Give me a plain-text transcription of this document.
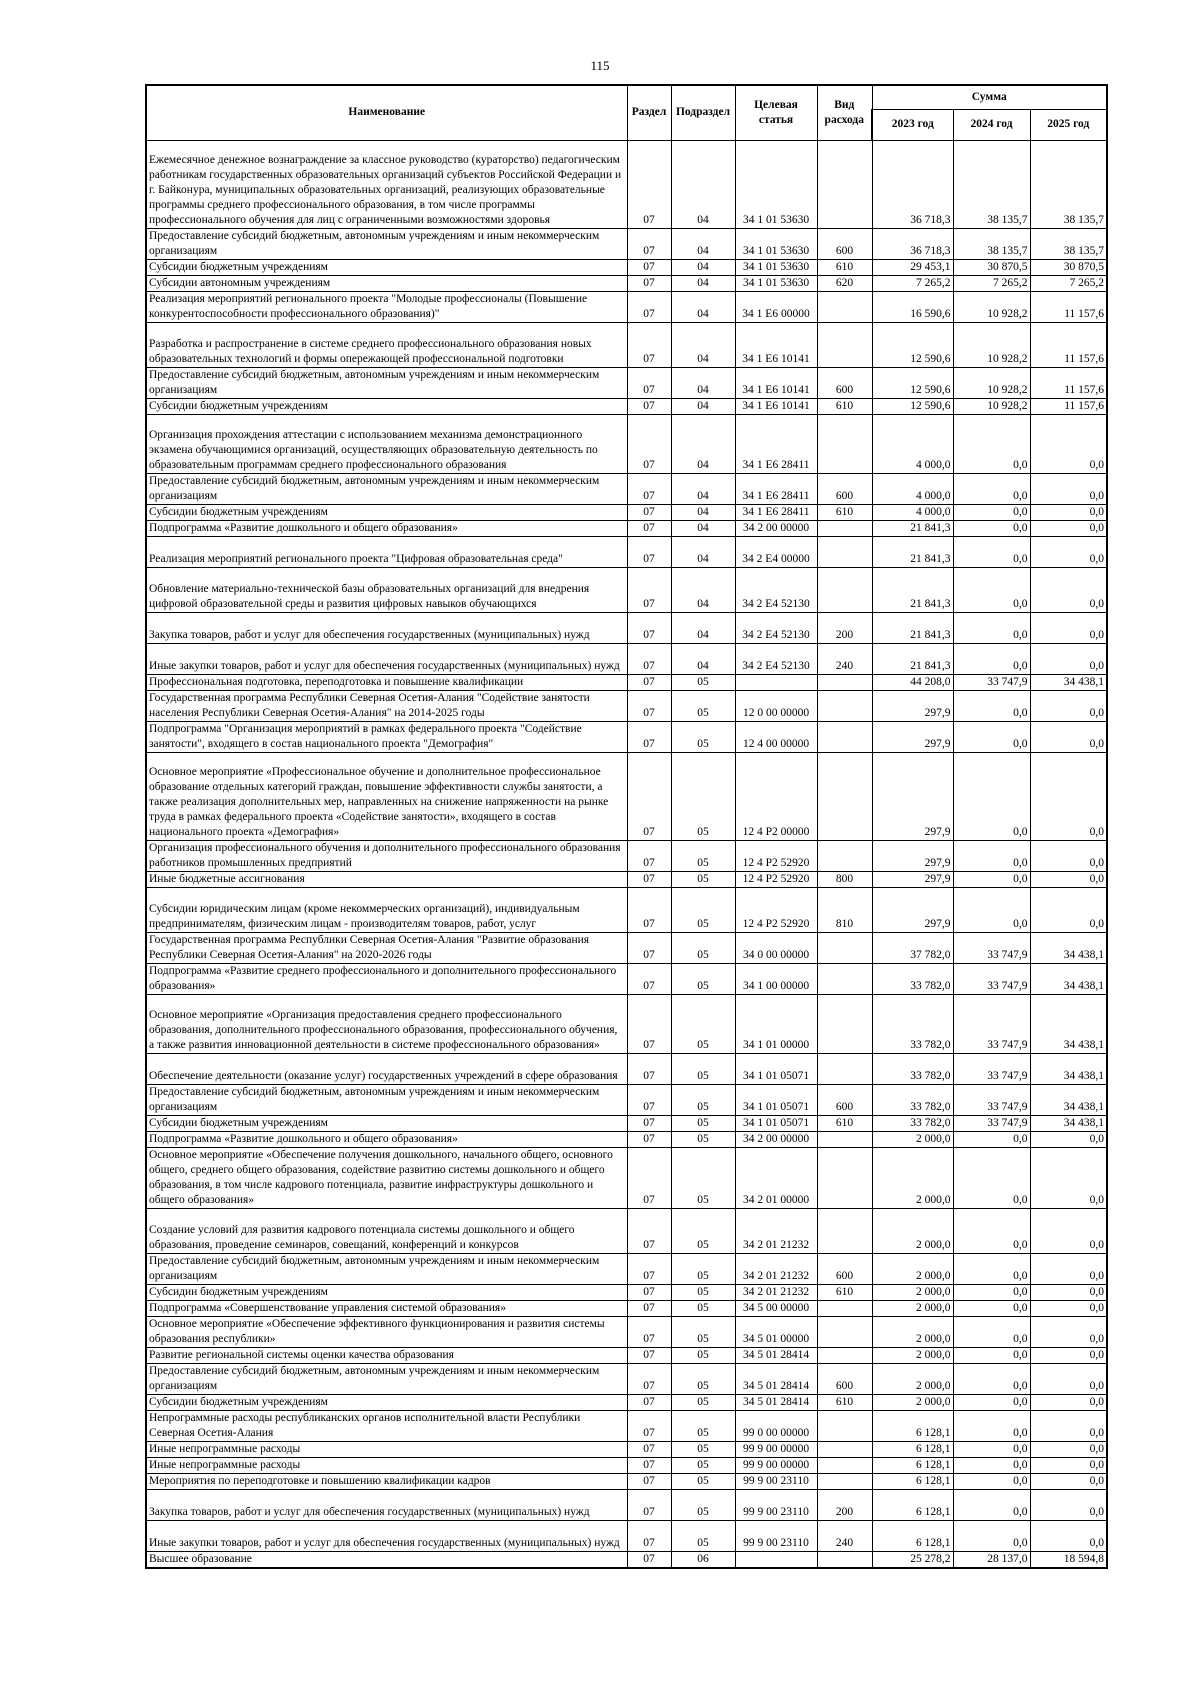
115
Наименование	Раздел	Подраздел	Целевая статья	Вид расхода	Сумма		
					2023 год	2024 год	2025 год
Ежемесячное денежное вознаграждение за классное руководство (кураторство) педагогическим работникам государственных образовательных организаций субъектов Российской Федерации и г. Байконура, муниципальных образовательных организаций, реализующих образовательные программы среднего профессионального образования, в том числе программы профессионального обучения для лиц с ограниченными возможностями здоровья	07	04	34 1 01 53630		36 718,3	38 135,7	38 135,7
Предоставление субсидий бюджетным, автономным учреждениям и иным некоммерческим организациям	07	04	34 1 01 53630	600	36 718,3	38 135,7	38 135,7
Субсидии бюджетным учреждениям	07	04	34 1 01 53630	610	29 453,1	30 870,5	30 870,5
Субсидии автономным учреждениям	07	04	34 1 01 53630	620	7 265,2	7 265,2	7 265,2
Реализация мероприятий регионального проекта "Молодые профессионалы (Повышение конкурентоспособности профессионального образования)"	07	04	34 1 Е6 00000		16 590,6	10 928,2	11 157,6
Разработка и распространение в системе среднего профессионального образования новых образовательных технологий и формы опережающей профессиональной подготовки	07	04	34 1 Е6 10141		12 590,6	10 928,2	11 157,6
Предоставление субсидий бюджетным, автономным учреждениям и иным некоммерческим организациям	07	04	34 1 Е6 10141	600	12 590,6	10 928,2	11 157,6
Субсидии бюджетным учреждениям	07	04	34 1 Е6 10141	610	12 590,6	10 928,2	11 157,6
Организация прохождения аттестации с использованием механизма демонстрационного экзамена обучающимися организаций, осуществляющих образовательную деятельность по образовательным программам среднего профессионального образования	07	04	34 1 Е6 28411		4 000,0	0,0	0,0
Предоставление субсидий бюджетным, автономным учреждениям и иным некоммерческим организациям	07	04	34 1 Е6 28411	600	4 000,0	0,0	0,0
Субсидии бюджетным учреждениям	07	04	34 1 Е6 28411	610	4 000,0	0,0	0,0
Подпрограмма «Развитие дошкольного и общего образования»	07	04	34 2 00 00000		21 841,3	0,0	0,0
Реализация мероприятий регионального проекта "Цифровая образовательная среда"	07	04	34 2 Е4 00000		21 841,3	0,0	0,0
Обновление материально-технической базы образовательных организаций для внедрения цифровой образовательной среды и развития цифровых навыков обучающихся	07	04	34 2 Е4 52130		21 841,3	0,0	0,0
Закупка товаров, работ и услуг для обеспечения государственных (муниципальных) нужд	07	04	34 2 Е4 52130	200	21 841,3	0,0	0,0
Иные закупки товаров, работ и услуг для обеспечения государственных (муниципальных) нужд	07	04	34 2 Е4 52130	240	21 841,3	0,0	0,0
Профессиональная подготовка, переподготовка и повышение квалификации	07	05			44 208,0	33 747,9	34 438,1
Государственная программа Республики Северная Осетия-Алания "Содействие занятости населения Республики Северная Осетия-Алания" на 2014-2025 годы	07	05	12 0 00 00000		297,9	0,0	0,0
Подпрограмма "Организация мероприятий в рамках федерального проекта "Содействие занятости", входящего в состав национального проекта "Демография"	07	05	12 4 00 00000		297,9	0,0	0,0
Основное мероприятие «Профессиональное обучение и дополнительное профессиональное образование отдельных категорий граждан, повышение эффективности службы занятости, а также реализация дополнительных мер, направленных на снижение напряженности на рынке труда в рамках федерального проекта «Содействие занятости», входящего в состав национального проекта «Демография»	07	05	12 4 P2 00000		297,9	0,0	0,0
Организация профессионального обучения и дополнительного профессионального образования работников промышленных предприятий	07	05	12 4 P2 52920		297,9	0,0	0,0
Иные бюджетные ассигнования	07	05	12 4 P2 52920	800	297,9	0,0	0,0
Субсидии юридическим лицам (кроме некоммерческих организаций), индивидуальным предпринимателям, физическим лицам - производителям товаров, работ, услуг	07	05	12 4 P2 52920	810	297,9	0,0	0,0
Государственная программа Республики Северная Осетия-Алания "Развитие образования Республики Северная Осетия-Алания" на 2020-2026 годы	07	05	34 0 00 00000		37 782,0	33 747,9	34 438,1
Подпрограмма «Развитие среднего профессионального и дополнительного профессионального образования»	07	05	34 1 00 00000		33 782,0	33 747,9	34 438,1
Основное мероприятие «Организация предоставления среднего профессионального образования, дополнительного профессионального образования, профессионального обучения, а также развития инновационной деятельности в системе профессионального образования»	07	05	34 1 01 00000		33 782,0	33 747,9	34 438,1
Обеспечение деятельности (оказание услуг) государственных учреждений в сфере образования	07	05	34 1 01 05071		33 782,0	33 747,9	34 438,1
Предоставление субсидий бюджетным, автономным учреждениям и иным некоммерческим организациям	07	05	34 1 01 05071	600	33 782,0	33 747,9	34 438,1
Субсидии бюджетным учреждениям	07	05	34 1 01 05071	610	33 782,0	33 747,9	34 438,1
Подпрограмма «Развитие дошкольного и общего образования»	07	05	34 2 00 00000		2 000,0	0,0	0,0
Основное мероприятие «Обеспечение получения дошкольного, начального общего, основного общего, среднего общего образования, содействие развитию системы дошкольного и общего образования, в том числе кадрового потенциала, развитие инфраструктуры дошкольного и общего образования»	07	05	34 2 01 00000		2 000,0	0,0	0,0
Создание условий для развития кадрового потенциала системы дошкольного и общего образования, проведение семинаров, совещаний, конференций и конкурсов	07	05	34 2 01 21232		2 000,0	0,0	0,0
Предоставление субсидий бюджетным, автономным учреждениям и иным некоммерческим организациям	07	05	34 2 01 21232	600	2 000,0	0,0	0,0
Субсидии бюджетным учреждениям	07	05	34 2 01 21232	610	2 000,0	0,0	0,0
Подпрограмма «Совершенствование управления системой образования»	07	05	34 5 00 00000		2 000,0	0,0	0,0
Основное мероприятие «Обеспечение эффективного функционирования и развития системы образования республики»	07	05	34 5 01 00000		2 000,0	0,0	0,0
Развитие региональной системы оценки качества образования	07	05	34 5 01 28414		2 000,0	0,0	0,0
Предоставление субсидий бюджетным, автономным учреждениям и иным некоммерческим организациям	07	05	34 5 01 28414	600	2 000,0	0,0	0,0
Субсидии бюджетным учреждениям	07	05	34 5 01 28414	610	2 000,0	0,0	0,0
Непрограммные расходы республиканских органов исполнительной власти Республики Северная Осетия-Алания	07	05	99 0 00 00000		6 128,1	0,0	0,0
Иные непрограммные расходы	07	05	99 9 00 00000		6 128,1	0,0	0,0
Иные непрограммные расходы	07	05	99 9 00 00000		6 128,1	0,0	0,0
Мероприятия по переподготовке и повышению квалификации кадров	07	05	99 9 00 23110		6 128,1	0,0	0,0
Закупка товаров, работ и услуг для обеспечения государственных (муниципальных) нужд	07	05	99 9 00 23110	200	6 128,1	0,0	0,0
Иные закупки товаров, работ и услуг для обеспечения государственных (муниципальных) нужд	07	05	99 9 00 23110	240	6 128,1	0,0	0,0
Высшее образование	07	06			25 278,2	28 137,0	18 594,8
